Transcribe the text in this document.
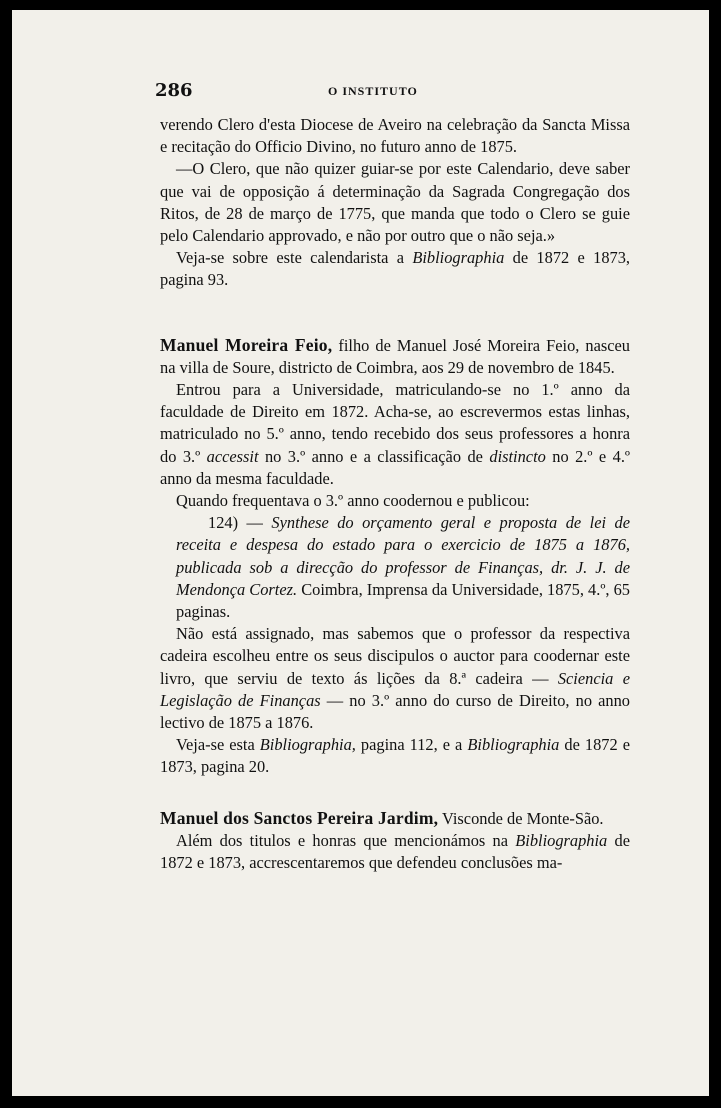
286	O INSTITUTO

verendo Clero d'esta Diocese de Aveiro na celebração da Sancta Missa e recitação do Officio Divino, no futuro anno de 1875.

—O Clero, que não quizer guiar-se por este Calendario, deve saber que vai de opposição á determinação da Sagrada Congregação dos Ritos, de 28 de março de 1775, que manda que todo o Clero se guie pelo Calendario approvado, e não por outro que o não seja.»

Veja-se sobre este calendarista a Bibliographia de 1872 e 1873, pagina 93.

Manuel Moreira Feio, filho de Manuel José Moreira Feio, nasceu na villa de Soure, districto de Coimbra, aos 29 de novembro de 1845.

Entrou para a Universidade, matriculando-se no 1.º anno da faculdade de Direito em 1872. Acha-se, ao escrevermos estas linhas, matriculado no 5.º anno, tendo recebido dos seus professores a honra do 3.º accessit no 3.º anno e a classificação de distincto no 2.º e 4.º anno da mesma faculdade.

Quando frequentava o 3.º anno coodernou e publicou:

124) — Synthese do orçamento geral e proposta de lei de receita e despesa do estado para o exercicio de 1875 a 1876, publicada sob a direcção do professor de Finanças, dr. J. J. de Mendonça Cortez. Coimbra, Imprensa da Universidade, 1875, 4.º, 65 paginas.

Não está assignado, mas sabemos que o professor da respectiva cadeira escolheu entre os seus discipulos o auctor para coodernar este livro, que serviu de texto ás lições da 8.ª cadeira — Sciencia e Legislação de Finanças — no 3.º anno do curso de Direito, no anno lectivo de 1875 a 1876.

Veja-se esta Bibliographia, pagina 112, e a Bibliographia de 1872 e 1873, pagina 20.

Manuel dos Sanctos Pereira Jardim, Visconde de Monte-São.

Além dos titulos e honras que mencionámos na Bibliographia de 1872 e 1873, accrescentaremos que defendeu conclusões ma-
